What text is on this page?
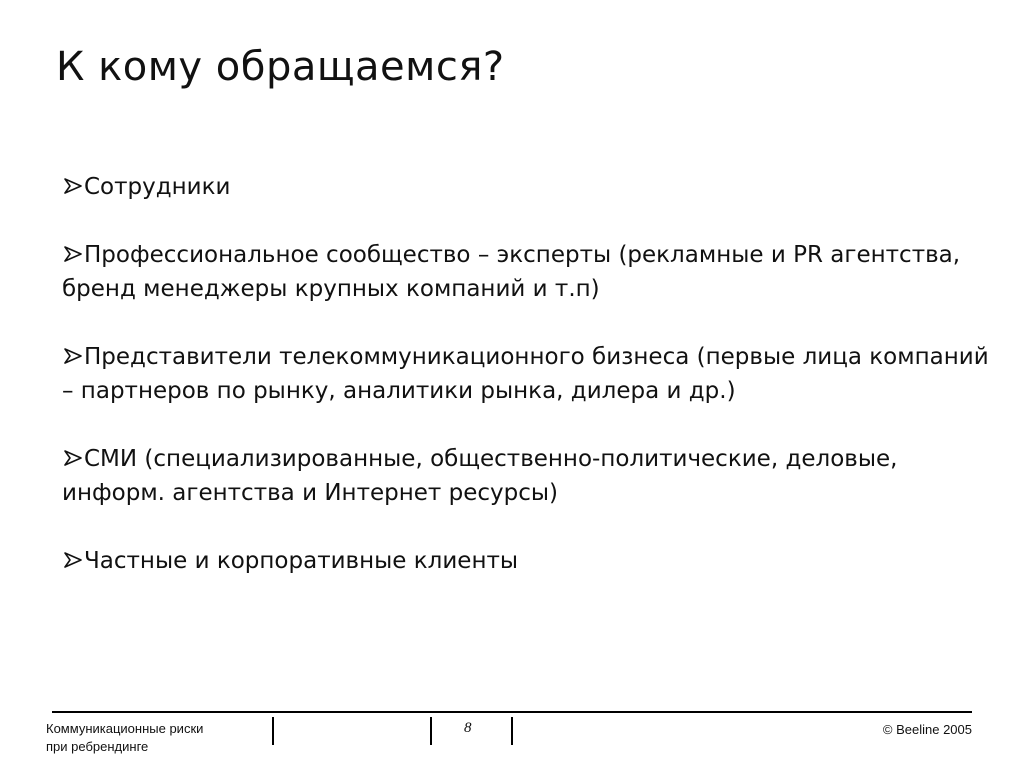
К кому обращаемся?
Сотрудники
Профессиональное сообщество – эксперты (рекламные и PR агентства, бренд менеджеры крупных компаний и т.п)
Представители телекоммуникационного бизнеса (первые лица компаний – партнеров по рынку, аналитики рынка, дилера и др.)
СМИ (специализированные, общественно-политические, деловые, информ. агентства и Интернет ресурсы)
Частные и корпоративные клиенты
Коммуникационные риски
при ребрендинге
8	© Beeline 2005
